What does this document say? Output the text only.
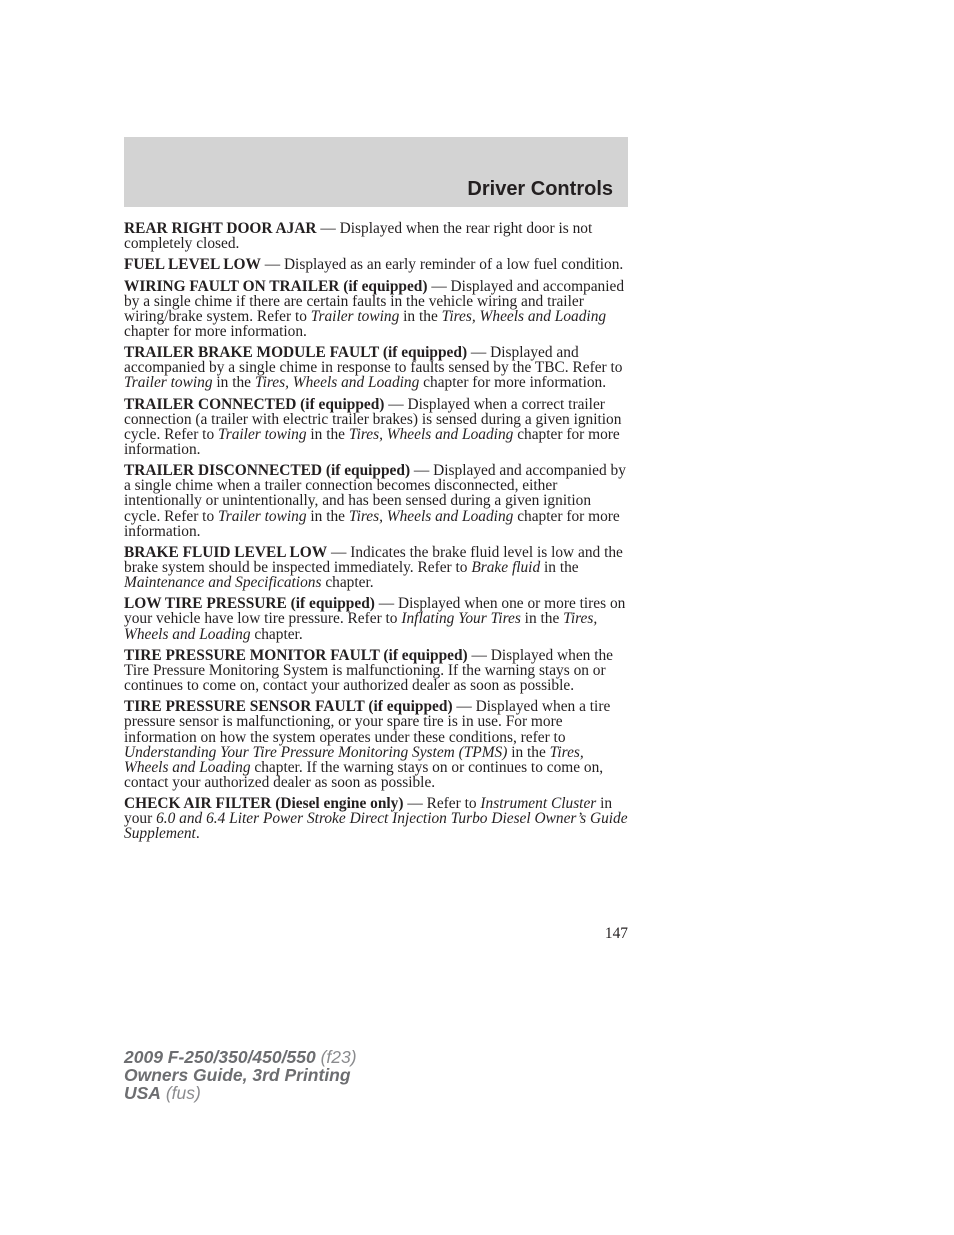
Driver Controls

REAR RIGHT DOOR AJAR — Displayed when the rear right door is not completely closed.

FUEL LEVEL LOW — Displayed as an early reminder of a low fuel condition.

WIRING FAULT ON TRAILER (if equipped) — Displayed and accompanied by a single chime if there are certain faults in the vehicle wiring and trailer wiring/brake system. Refer to Trailer towing in the Tires, Wheels and Loading chapter for more information.

TRAILER BRAKE MODULE FAULT (if equipped) — Displayed and accompanied by a single chime in response to faults sensed by the TBC. Refer to Trailer towing in the Tires, Wheels and Loading chapter for more information.

TRAILER CONNECTED (if equipped) — Displayed when a correct trailer connection (a trailer with electric trailer brakes) is sensed during a given ignition cycle. Refer to Trailer towing in the Tires, Wheels and Loading chapter for more information.

TRAILER DISCONNECTED (if equipped) — Displayed and accompanied by a single chime when a trailer connection becomes disconnected, either intentionally or unintentionally, and has been sensed during a given ignition cycle. Refer to Trailer towing in the Tires, Wheels and Loading chapter for more information.

BRAKE FLUID LEVEL LOW — Indicates the brake fluid level is low and the brake system should be inspected immediately. Refer to Brake fluid in the Maintenance and Specifications chapter.

LOW TIRE PRESSURE (if equipped) — Displayed when one or more tires on your vehicle have low tire pressure. Refer to Inflating Your Tires in the Tires, Wheels and Loading chapter.

TIRE PRESSURE MONITOR FAULT (if equipped) — Displayed when the Tire Pressure Monitoring System is malfunctioning. If the warning stays on or continues to come on, contact your authorized dealer as soon as possible.

TIRE PRESSURE SENSOR FAULT (if equipped) — Displayed when a tire pressure sensor is malfunctioning, or your spare tire is in use. For more information on how the system operates under these conditions, refer to Understanding Your Tire Pressure Monitoring System (TPMS) in the Tires, Wheels and Loading chapter. If the warning stays on or continues to come on, contact your authorized dealer as soon as possible.

CHECK AIR FILTER (Diesel engine only) — Refer to Instrument Cluster in your 6.0 and 6.4 Liter Power Stroke Direct Injection Turbo Diesel Owner’s Guide Supplement.

147
2009 F-250/350/450/550 (f23)
Owners Guide, 3rd Printing
USA (fus)
